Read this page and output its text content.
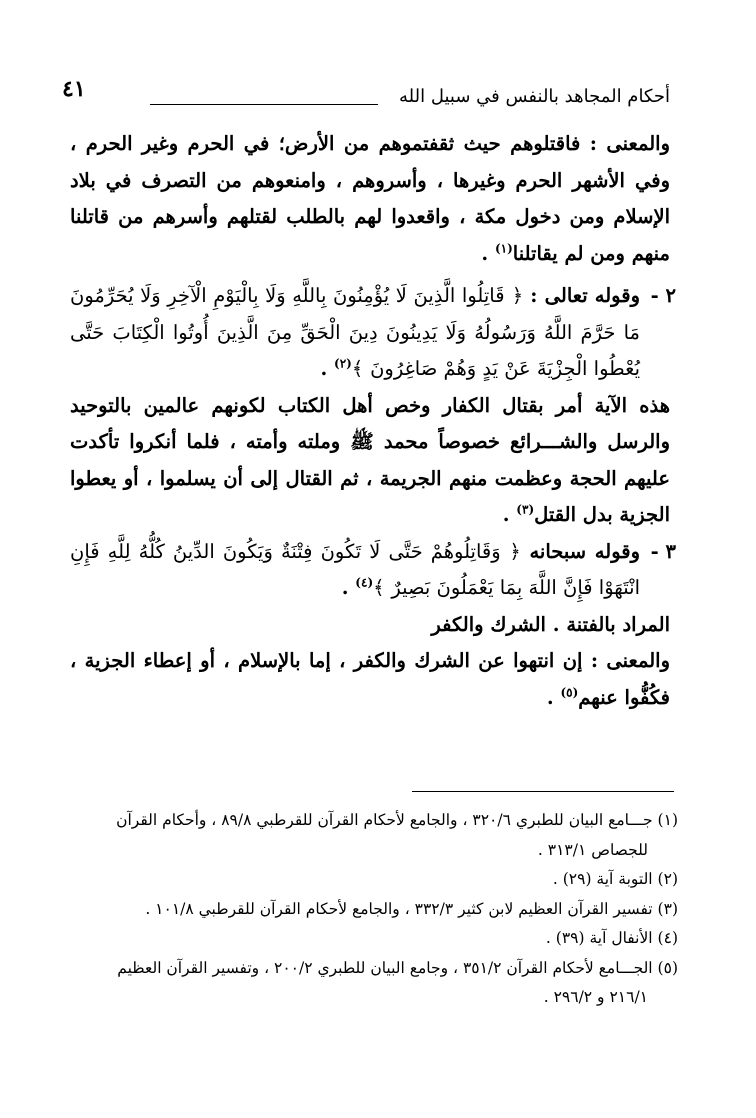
٤١	أحكام المجاهد بالنفس في سبيل الله

والمعنى : فاقتلوهم حيث ثقفتموهم من الأرض؛ في الحرم وغير الحرم ، وفي الأشهر الحرم وغيرها ، وأسروهم ، وامنعوهم من التصرف في بلاد الإسلام ومن دخول مكة ، واقعدوا لهم بالطلب لقتلهم وأسرهم من قاتلنا منهم ومن لم يقاتلنا$^{(١)}$ .

٢ -
وقوله تعالى : ﴿ قَاتِلُوا الَّذِينَ لَا يُؤْمِنُونَ بِاللَّهِ وَلَا بِالْيَوْمِ الْآخِرِ وَلَا يُحَرِّمُونَ مَا حَرَّمَ اللَّهُ وَرَسُولُهُ وَلَا يَدِينُونَ دِينَ الْحَقِّ مِنَ الَّذِينَ أُوتُوا الْكِتَابَ حَتَّى يُعْطُوا الْجِزْيَةَ عَنْ يَدٍ وَهُمْ صَاغِرُونَ ﴾$^{(٢)}$ .

هذه الآية أمر بقتال الكفار وخص أهل الكتاب لكونهم عالمين بالتوحيد والرسل والشـــرائع خصوصاً محمد ﷺ وملته وأمته ، فلما أنكروا تأكدت عليهم الحجة وعظمت منهم الجريمة ، ثم القتال إلى أن يسلموا ، أو يعطوا الجزية بدل القتل$^{(٣)}$ .

٣ -
وقوله سبحانه ﴿ وَقَاتِلُوهُمْ حَتَّى لَا تَكُونَ فِتْنَةٌ وَيَكُونَ الدِّينُ كُلُّهُ لِلَّهِ فَإِنِ انْتَهَوْا فَإِنَّ اللَّهَ بِمَا يَعْمَلُونَ بَصِيرٌ ﴾$^{(٤)}$ .

المراد بالفتنة . الشرك والكفر

والمعنى : إن انتهوا عن الشرك والكفر ، إما بالإسلام ، أو إعطاء الجزية ، فكُفُّوا عنهم$^{(٥)}$ .

(١) جـــامع البيان للطبري ٣٢٠/٦ ، والجامع لأحكام القرآن للقرطبي ٨٩/٨ ، وأحكام القرآن

للجصاص ٣١٣/١ .

(٢) التوبة آية (٢٩) .

(٣) تفسير القرآن العظيم لابن كثير ٣٣٢/٣ ، والجامع لأحكام القرآن للقرطبي ١٠١/٨ .

(٤) الأنفال آية (٣٩) .

(٥) الجـــامع لأحكام القرآن ٣٥١/٢ ، وجامع البيان للطبري ٢٠٠/٢ ، وتفسير القرآن العظيم

٢١٦/١ و ٢٩٦/٢ .
